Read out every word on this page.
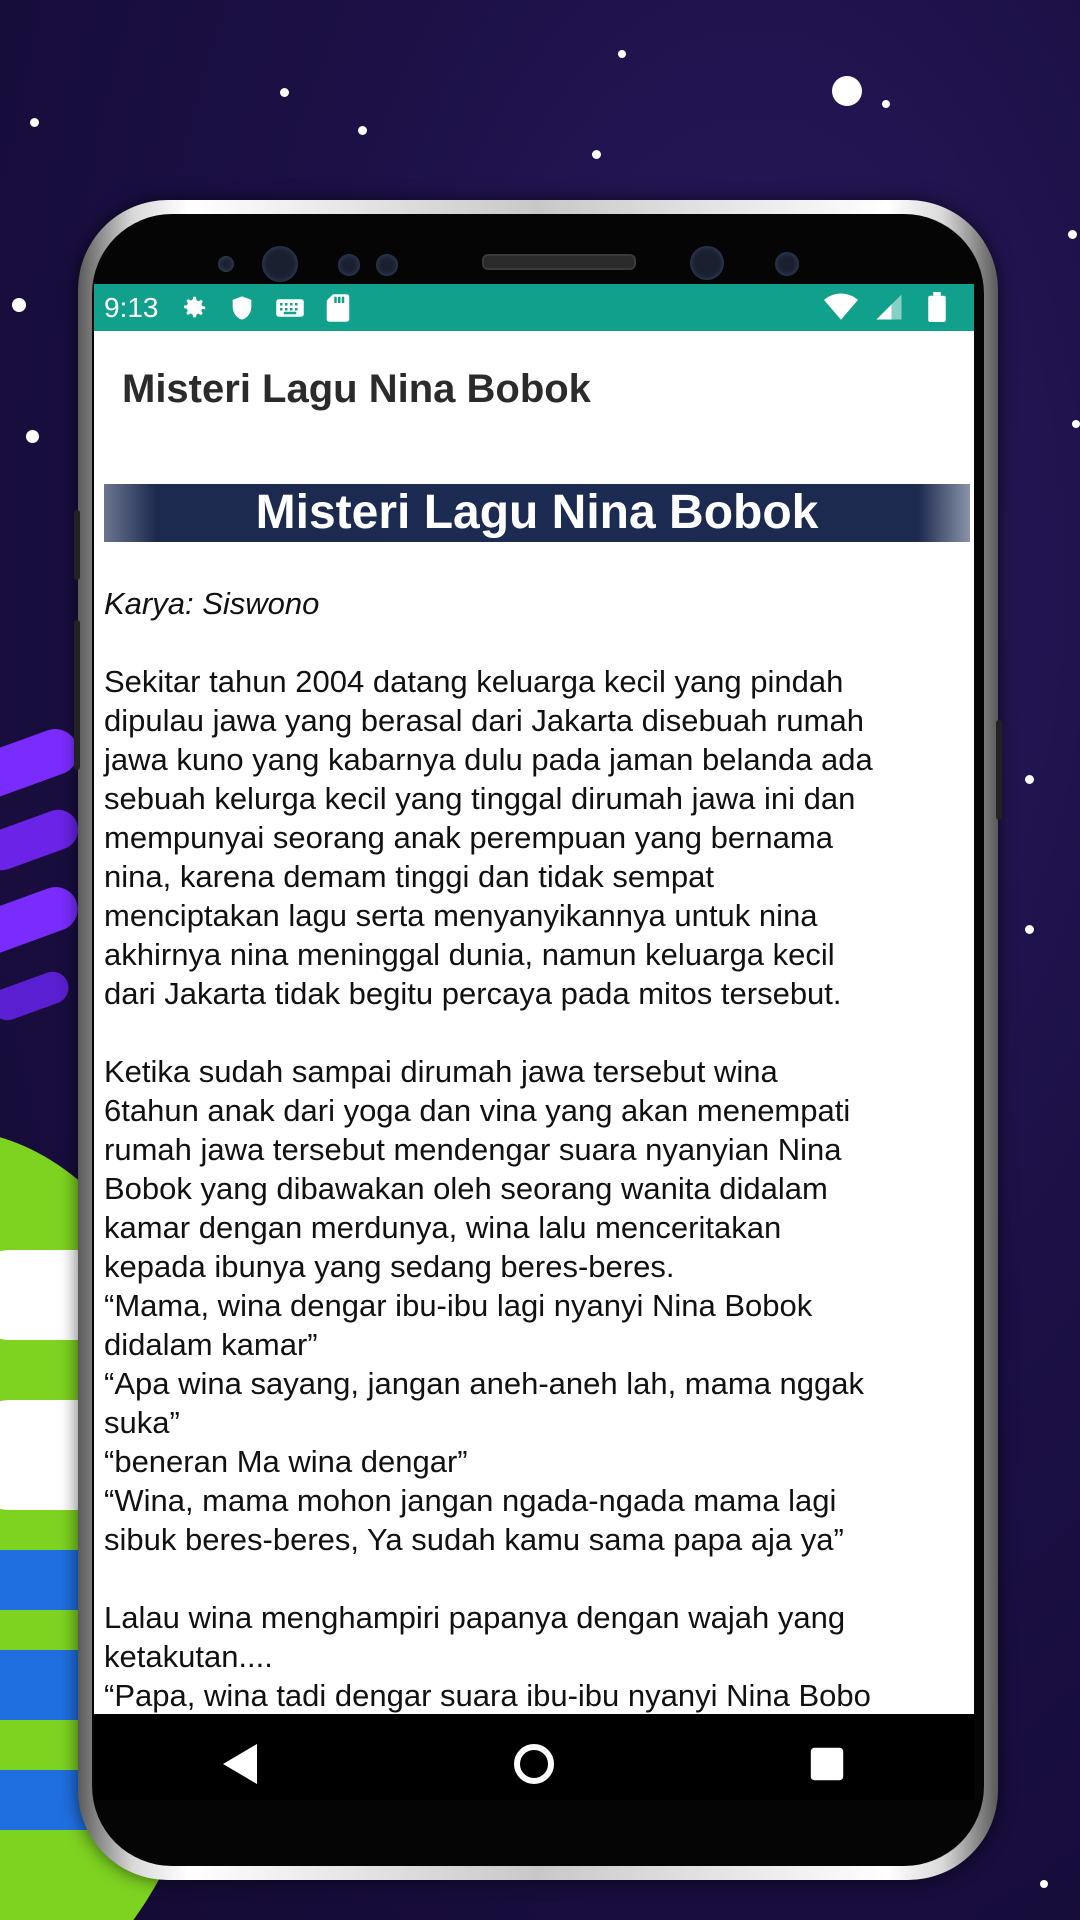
9:13
Misteri Lagu Nina Bobok
Misteri Lagu Nina Bobok
Karya: Siswono
Sekitar tahun 2004 datang keluarga kecil yang pindah
dipulau jawa yang berasal dari Jakarta disebuah rumah
jawa kuno yang kabarnya dulu pada jaman belanda ada
sebuah kelurga kecil yang tinggal dirumah jawa ini dan
mempunyai seorang anak perempuan yang bernama
nina, karena demam tinggi dan tidak sempat
menciptakan lagu serta menyanyikannya untuk nina
akhirnya nina meninggal dunia, namun keluarga kecil
dari Jakarta tidak begitu percaya pada mitos tersebut.
Ketika sudah sampai dirumah jawa tersebut wina
6tahun anak dari yoga dan vina yang akan menempati
rumah jawa tersebut mendengar suara nyanyian Nina
Bobok yang dibawakan oleh seorang wanita didalam
kamar dengan merdunya, wina lalu menceritakan
kepada ibunya yang sedang beres-beres.
“Mama, wina dengar ibu-ibu lagi nyanyi Nina Bobok
didalam kamar”
“Apa wina sayang, jangan aneh-aneh lah, mama nggak
suka”
“beneran Ma wina dengar”
“Wina, mama mohon jangan ngada-ngada mama lagi
sibuk beres-beres, Ya sudah kamu sama papa aja ya”
Lalau wina menghampiri papanya dengan wajah yang
ketakutan....
“Papa, wina tadi dengar suara ibu-ibu nyanyi Nina Bobo
